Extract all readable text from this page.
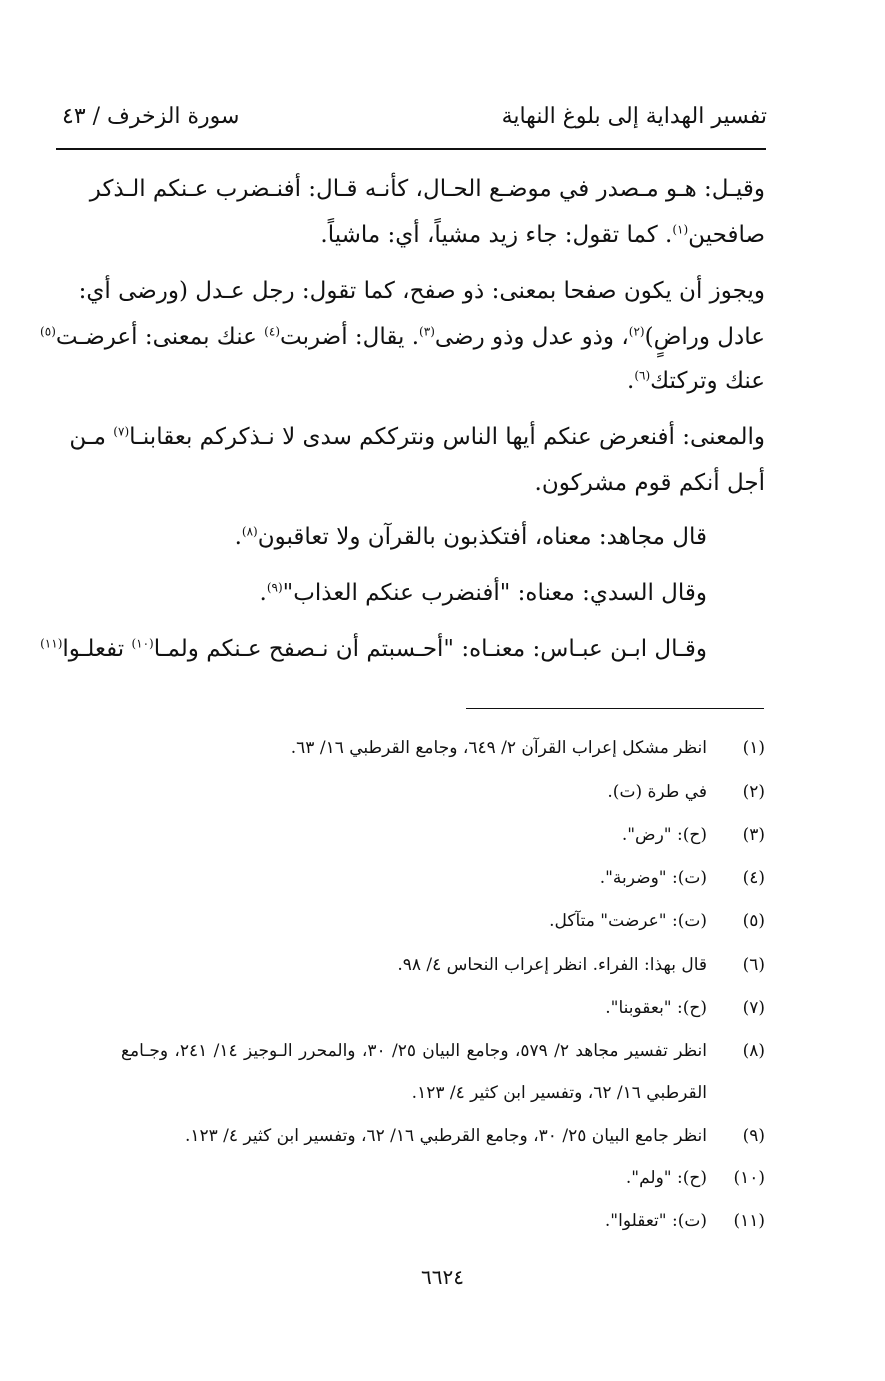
تفسير الهداية إلى بلوغ النهاية
سورة الزخرف / ٤٣
وقيـل: هـو مـصدر في موضـع الحـال، كأنـه قـال: أفنـضرب عـنكم الـذكر
صافحين$^{(١)}$. كما تقول: جاء زيد مشياً، أي: ماشياً.
ويجوز أن يكون صفحا بمعنى: ذو صفح، كما تقول: رجل عـدل (ورضى أي:
عادل وراضٍ)$^{(٢)}$، وذو عدل وذو رضى$^{(٣)}$. يقال: أضربت$^{(٤)}$ عنك بمعنى: أعرضـت$^{(٥)}$
عنك وتركتك$^{(٦)}$.
والمعنى: أفنعرض عنكم أيها الناس ونترككم سدى لا نـذكركم بعقابنـا$^{(٧)}$ مـن
أجل أنكم قوم مشركون.
قال مجاهد: معناه، أفتكذبون بالقرآن ولا تعاقبون$^{(٨)}$.
وقال السدي: معناه: "أفنضرب عنكم العذاب"$^{(٩)}$.
وقـال ابـن عبـاس: معنـاه: "أحـسبتم أن نـصفح عـنكم ولمـا$^{(١٠)}$ تفعلـوا$^{(١١)}$
(١)
انظر مشكل إعراب القرآن ٢/ ٦٤٩، وجامع القرطبي ١٦/ ٦٣.
(٢)
في طرة (ت).
(٣)
(ح): "رض".
(٤)
(ت): "وضربة".
(٥)
(ت): "عرضت" متآكل.
(٦)
قال بهذا: الفراء. انظر إعراب النحاس ٤/ ٩٨.
(٧)
(ح): "بعقوبنا".
(٨)
انظر تفسير مجاهد ٢/ ٥٧٩، وجامع البيان ٢٥/ ٣٠، والمحرر الـوجيز ١٤/ ٢٤١، وجـامع
القرطبي ١٦/ ٦٢، وتفسير ابن كثير ٤/ ١٢٣.
(٩)
انظر جامع البيان ٢٥/ ٣٠، وجامع القرطبي ١٦/ ٦٢، وتفسير ابن كثير ٤/ ١٢٣.
(١٠)
(ح): "ولم".
(١١)
(ت): "تعقلوا".
٦٦٢٤
